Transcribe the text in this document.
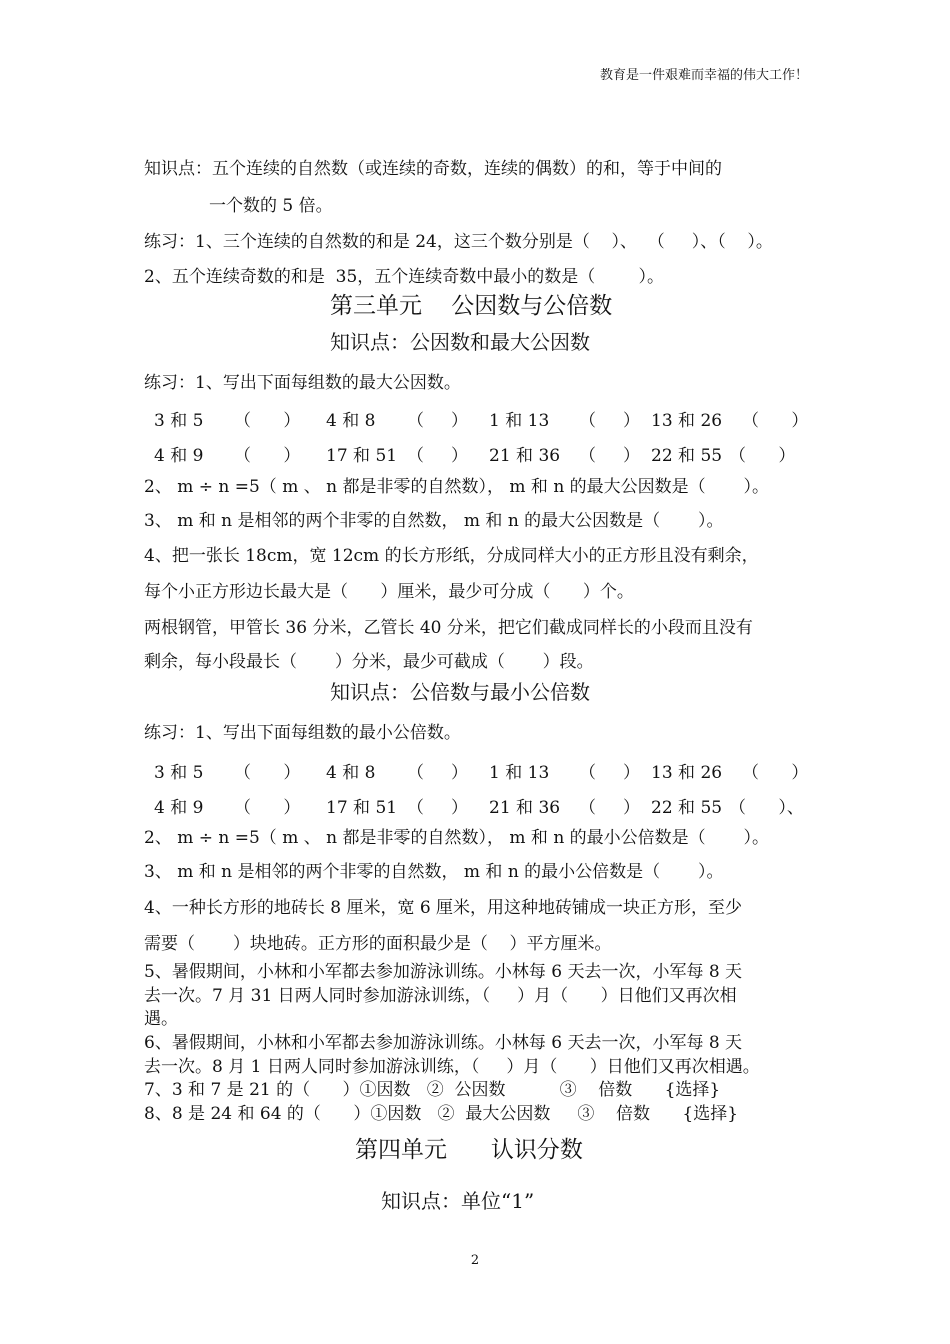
教育是一件艰难而幸福的伟大工作！
知识点：五个连续的自然数（或连续的奇数，连续的偶数）的和，等于中间的
一个数的 5 倍。
练习：1、三个连续的自然数的和是 24，这三个数分别是（    ）、  （     ）、（    ）。
2、五个连续奇数的和是  35，五个连续奇数中最小的数是（        ）。
第三单元    公因数与公倍数
知识点：公因数和最大公因数
练习：1、写出下面每组数的最大公因数。
3 和 5 （      ） 4 和 8 （     ） 1 和 13 （     ） 13 和 26 （      ）
4 和 9 （      ） 17 和 51 （     ） 21 和 36 （     ） 22 和 55 （      ）
2、 m ÷ n =5（ m 、 n 都是非零的自然数）， m 和 n 的最大公因数是（       ）。
3、 m 和 n 是相邻的两个非零的自然数， m 和 n 的最大公因数是（       ）。
4、把一张长 18cm，宽 12cm 的长方形纸，分成同样大小的正方形且没有剩余，
每个小正方形边长最大是（      ）厘米，最少可分成（      ）个。
两根钢管，甲管长 36 分米，乙管长 40 分米，把它们截成同样长的小段而且没有
剩余，每小段最长（       ）分米，最少可截成（       ）段。
知识点：公倍数与最小公倍数
练习：1、写出下面每组数的最小公倍数。
3 和 5 （      ） 4 和 8 （     ） 1 和 13 （     ） 13 和 26 （      ）
4 和 9 （      ） 17 和 51 （     ） 21 和 36 （     ） 22 和 55 （      ）、
2、 m ÷ n =5（ m 、 n 都是非零的自然数）， m 和 n 的最小公倍数是（       ）。
3、 m 和 n 是相邻的两个非零的自然数， m 和 n 的最小公倍数是（       ）。
4、一种长方形的地砖长 8 厘米，宽 6 厘米，用这种地砖铺成一块正方形，至少
需要（       ）块地砖。正方形的面积最少是（    ）平方厘米。
5、暑假期间，小林和小军都去参加游泳训练。小林每 6 天去一次，小军每 8 天
去一次。7 月 31 日两人同时参加游泳训练，（     ）月（      ）日他们又再次相
遇。
6、暑假期间，小林和小军都去参加游泳训练。小林每 6 天去一次，小军每 8 天
去一次。8 月 1 日两人同时参加游泳训练，（     ）月（      ）日他们又再次相遇。
7、3 和 7 是 21 的（      ）①因数   ②  公因数          ③    倍数      {选择}
8、8 是 24 和 64 的（      ）①因数   ②  最大公因数     ③    倍数      {选择}
第四单元      认识分数
知识点：单位“1”
2
